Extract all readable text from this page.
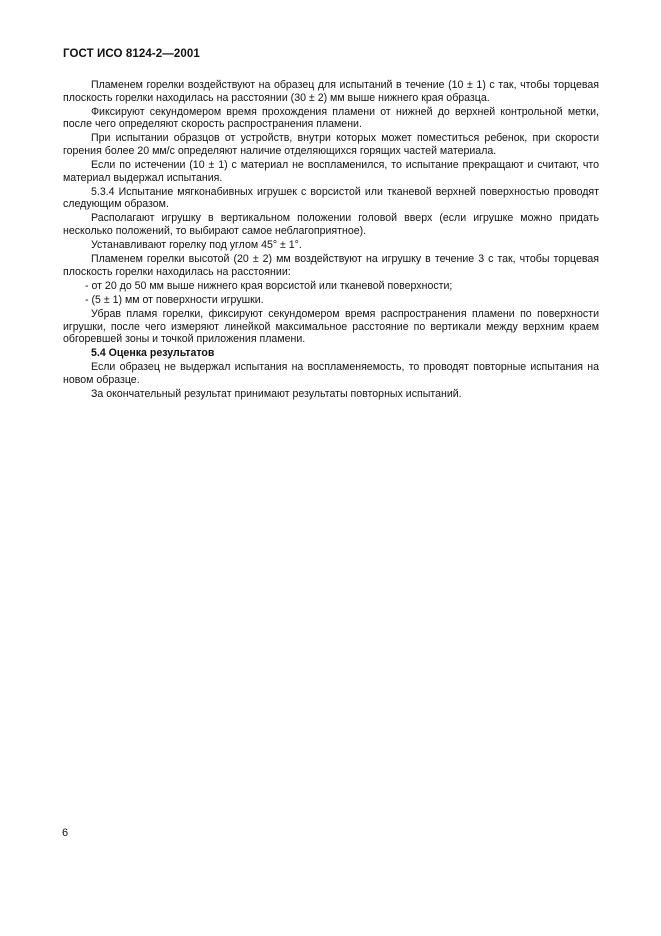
ГОСТ ИСО 8124-2—2001

Пламенем горелки воздействуют на образец для испытаний в течение (10 ± 1) с так, чтобы торцевая плоскость горелки находилась на расстоянии (30 ± 2) мм выше нижнего края образца.

Фиксируют секундомером время прохождения пламени от нижней до верхней контрольной метки, после чего определяют скорость распространения пламени.

При испытании образцов от устройств, внутри которых может поместиться ребенок, при скорости горения более 20 мм/с определяют наличие отделяющихся горящих частей материала.

Если по истечении (10 ± 1) с материал не воспламенился, то испытание прекращают и считают, что материал выдержал испытания.

5.3.4 Испытание мягконабивных игрушек с ворсистой или тканевой верхней поверхностью проводят следующим образом.

Располагают игрушку в вертикальном положении головой вверх (если игрушке можно придать несколько положений, то выбирают самое неблагоприятное).

Устанавливают горелку под углом 45° ± 1°.

Пламенем горелки высотой (20 ± 2) мм воздействуют на игрушку в течение 3 с так, чтобы торцевая плоскость горелки находилась на расстоянии:

- от 20 до 50 мм выше нижнего края ворсистой или тканевой поверхности;
- (5 ± 1) мм от поверхности игрушки.

Убрав пламя горелки, фиксируют секундомером время распространения пламени по поверхности игрушки, после чего измеряют линейкой максимальное расстояние по вертикали между верхним краем обгоревшей зоны и точкой приложения пламени.

5.4 Оценка результатов

Если образец не выдержал испытания на воспламеняемость, то проводят повторные испытания на новом образце.

За окончательный результат принимают результаты повторных испытаний.

6
